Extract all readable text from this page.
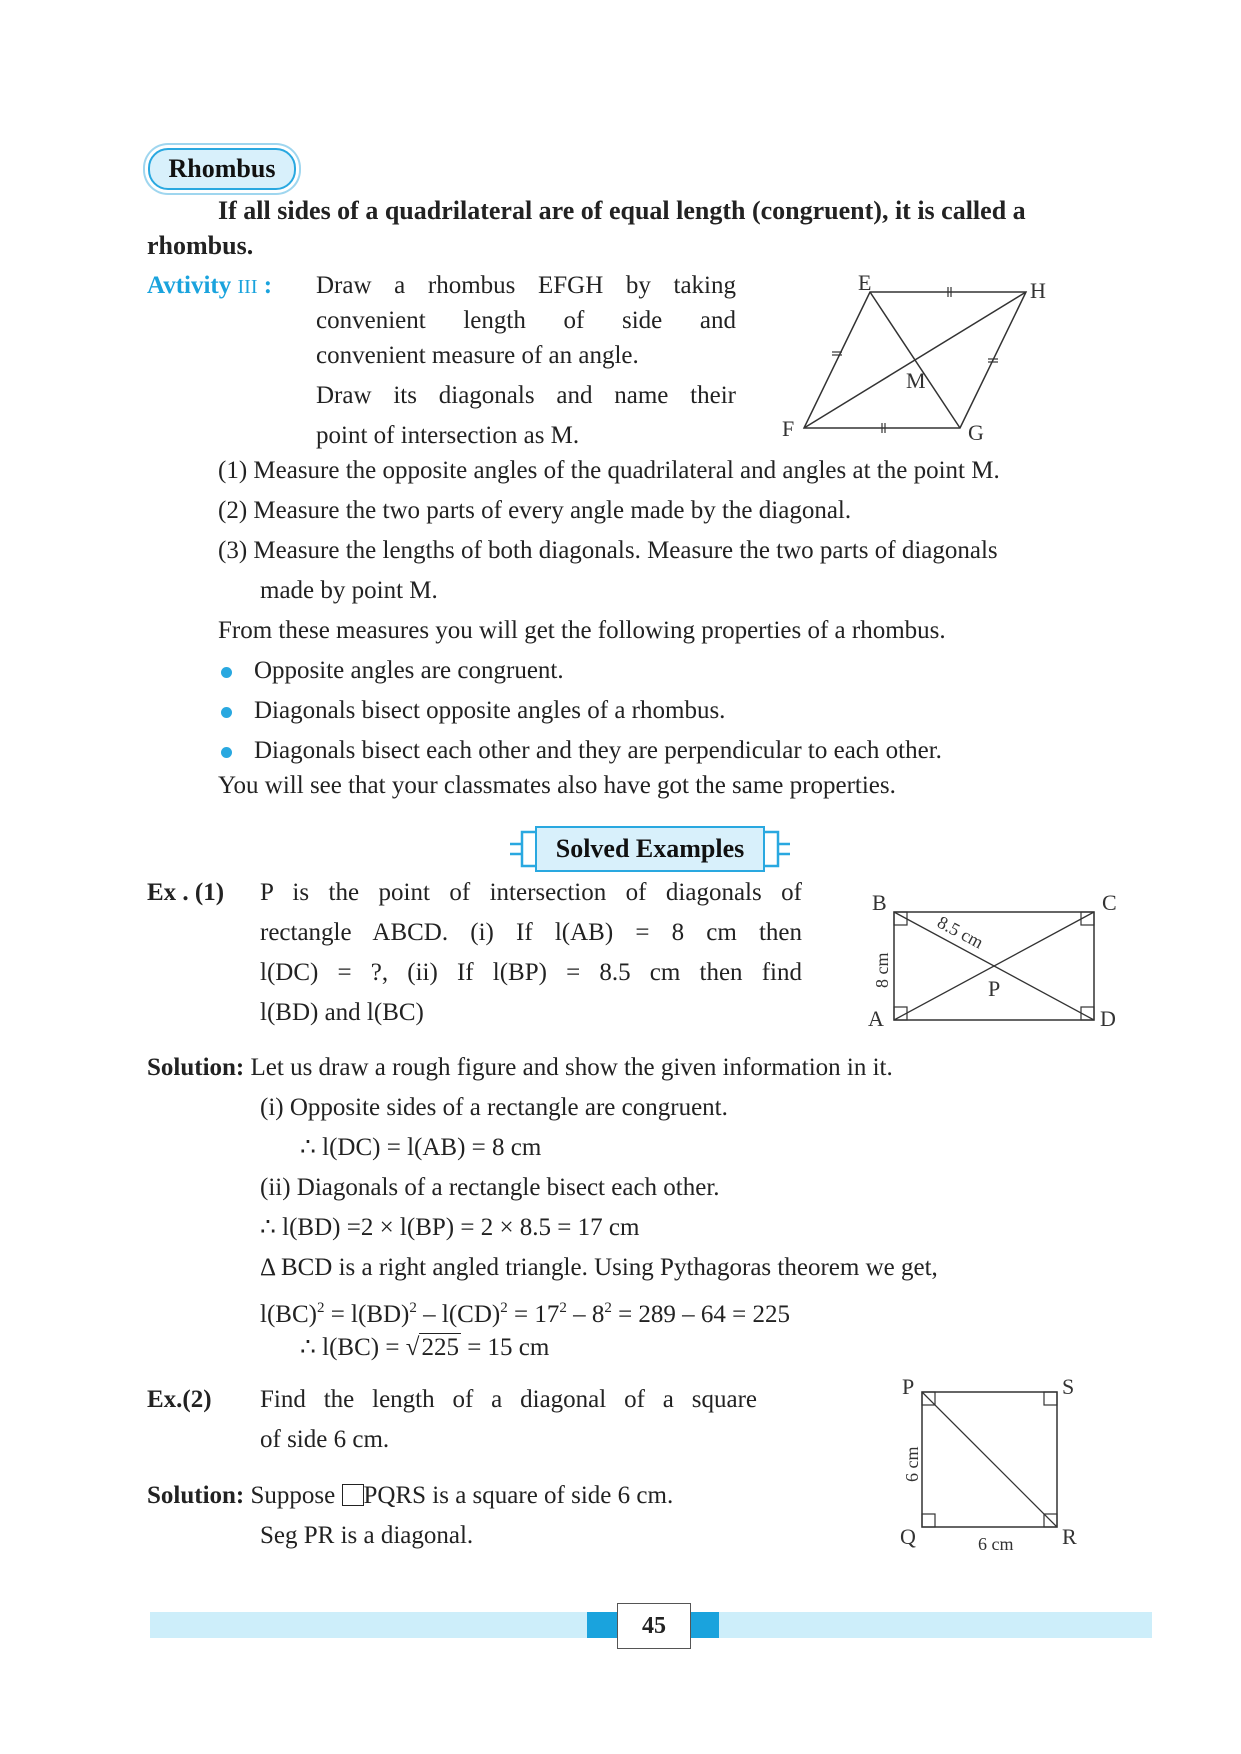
Rhombus
If all sides of a quadrilateral are of equal length (congruent), it is called a
rhombus.
Avtivity III : Draw a rhombus EFGH by taking
convenient length of side and
convenient measure of an angle.
Draw its diagonals and name their
point of intersection as M.
E	H
F	G
M
(1) Measure the opposite angles of the quadrilateral and angles at the point M.
(2) Measure the two parts of every angle made by the diagonal.
(3) Measure the lengths of both diagonals. Measure the two parts of diagonals
made by point M.
From these measures you will get the following properties of a rhombus.
Opposite angles are congruent.
Diagonals bisect opposite angles of a rhombus.
Diagonals bisect each other and they are perpendicular to each other.
You will see that your classmates also have got the same properties.
Solved Examples
Ex . (1) P is the point of intersection of diagonals of
rectangle ABCD. (i) If l(AB) = 8 cm then
l(DC) = ?, (ii) If l(BP) = 8.5 cm then find
l(BD) and l(BC)
B	C
A	D
P
8 cm
8.5 cm
Solution: Let us draw a rough figure and show the given information in it.
(i) Opposite sides of a rectangle are congruent.
∴ l(DC) = l(AB) = 8 cm
(ii) Diagonals of a rectangle bisect each other.
∴ l(BD) =2 × l(BP) = 2 × 8.5 = 17 cm
Δ BCD is a right angled triangle. Using Pythagoras theorem we get,
$l(BC)^2 = l(BD)^2 - l(CD)^2 = 17^2 - 8^2 = 289 - 64 = 225$
∴ l(BC) = √225 = 15 cm
Ex.(2) Find the length of a diagonal of a square
of side 6 cm.
P	S
Q	R
6 cm
6 cm
Solution: Suppose PQRS is a square of side 6 cm.
Seg PR is a diagonal.
45
